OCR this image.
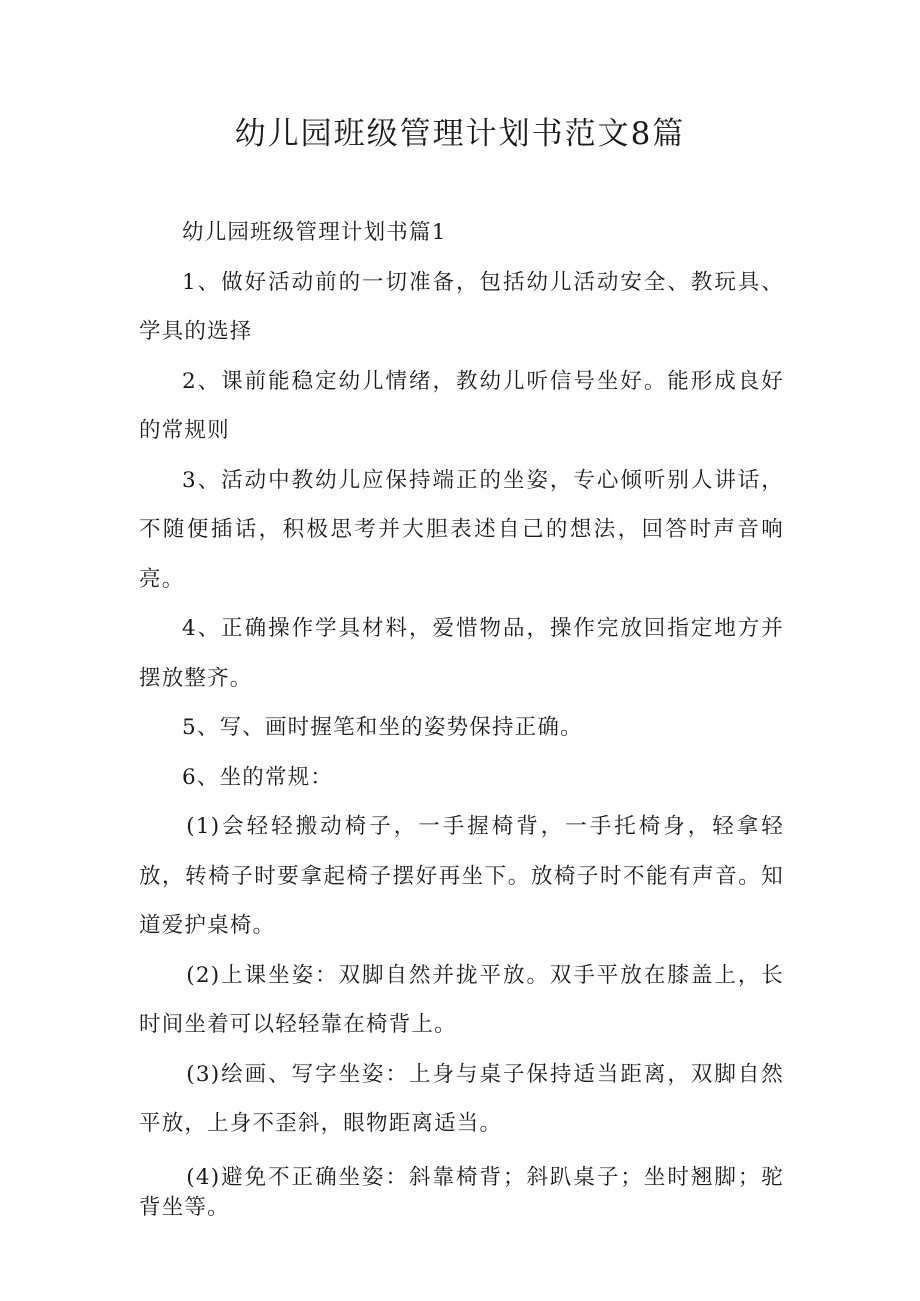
幼儿园班级管理计划书范文8篇

幼儿园班级管理计划书篇1

1、做好活动前的一切准备，包括幼儿活动安全、教玩具、学具的选择

2、课前能稳定幼儿情绪，教幼儿听信号坐好。能形成良好的常规则

3、活动中教幼儿应保持端正的坐姿，专心倾听别人讲话，不随便插话，积极思考并大胆表述自己的想法，回答时声音响亮。

4、正确操作学具材料，爱惜物品，操作完放回指定地方并摆放整齐。

5、写、画时握笔和坐的姿势保持正确。

6、坐的常规：

(1)会轻轻搬动椅子，一手握椅背，一手托椅身，轻拿轻放，转椅子时要拿起椅子摆好再坐下。放椅子时不能有声音。知道爱护桌椅。

(2)上课坐姿：双脚自然并拢平放。双手平放在膝盖上，长时间坐着可以轻轻靠在椅背上。

(3)绘画、写字坐姿：上身与桌子保持适当距离，双脚自然平放，上身不歪斜，眼物距离适当。

(4)避免不正确坐姿：斜靠椅背；斜趴桌子；坐时翘脚；驼背坐等。
